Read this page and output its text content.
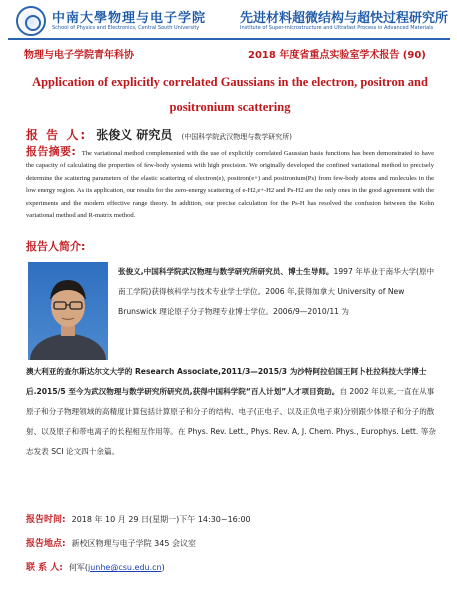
中南大學物理与电子学院
School of Physics and Electronics, Central South University
先进材料超微结构与超快过程研究所
Institute of Super-microstructure and Ultrafast Process in Advanced Materials
物理与电子学院青年科协	2018 年度省重点实验室学术报告 (90)
Application of explicitly correlated Gaussians in the electron, positron and
positronium scattering
报 告 人: 张俊义 研究员 (中国科学院武汉物理与数学研究所)

报告摘要: The variational method complemented with the use of explicitly correlated Gaussian basis functions has been demonstrated to have the capacity of calculating the properties of few-body systems with high precision. We originally developed the confined variational method to precisely determine the scattering parameters of the elastic scattering of electron(e), positron(e+) and positronium(Ps) from few-body atoms and molecules in the low energy region. As its application, our results for the zero-energy scattering of e-H2,e+-H2 and Ps-H2 are the only ones in the good agreement with the experiments and the modern effective range theory. In addition, our precise calculation for the Ps-H has resolved the confusion between the Kohn variational method and R-matrix method.

报告人简介:

张俊义,中国科学院武汉物理与数学研究所研究员、博士生导师。1997 年毕业于南华大学(原中南工学院)获得核科学与技术专业学士学位。2006 年,获得加拿大 University of New Brunswick 理论原子分子物理专业博士学位。2006/9—2010/11 为

澳大利亚的查尔斯达尔文大学的 Research Associate,2011/3—2015/3 为沙特阿拉伯国王阿卜杜拉科技大学博士后.2015/5 至今为武汉物理与数学研究所研究员,获得中国科学院“百人计划”人才项目资助。自 2002 年以来,一直在从事原子和分子物理领域的高精度计算包括计算原子和分子的结构、电子(正电子、以及正负电子束)分别跟少体原子和分子的散射、以及原子和带电离子的长程相互作用等。在 Phys. Rev. Lett., Phys. Rev. A, J. Chem. Phys., Europhys. Lett. 等杂志发表 SCI 论文四十余篇。

报告时间: 2018 年 10 月 29 日(星期一)下午 14:30~16:00
报告地点: 新校区物理与电子学院 345 会议室
联 系 人: 何军(junhe@csu.edu.cn)
